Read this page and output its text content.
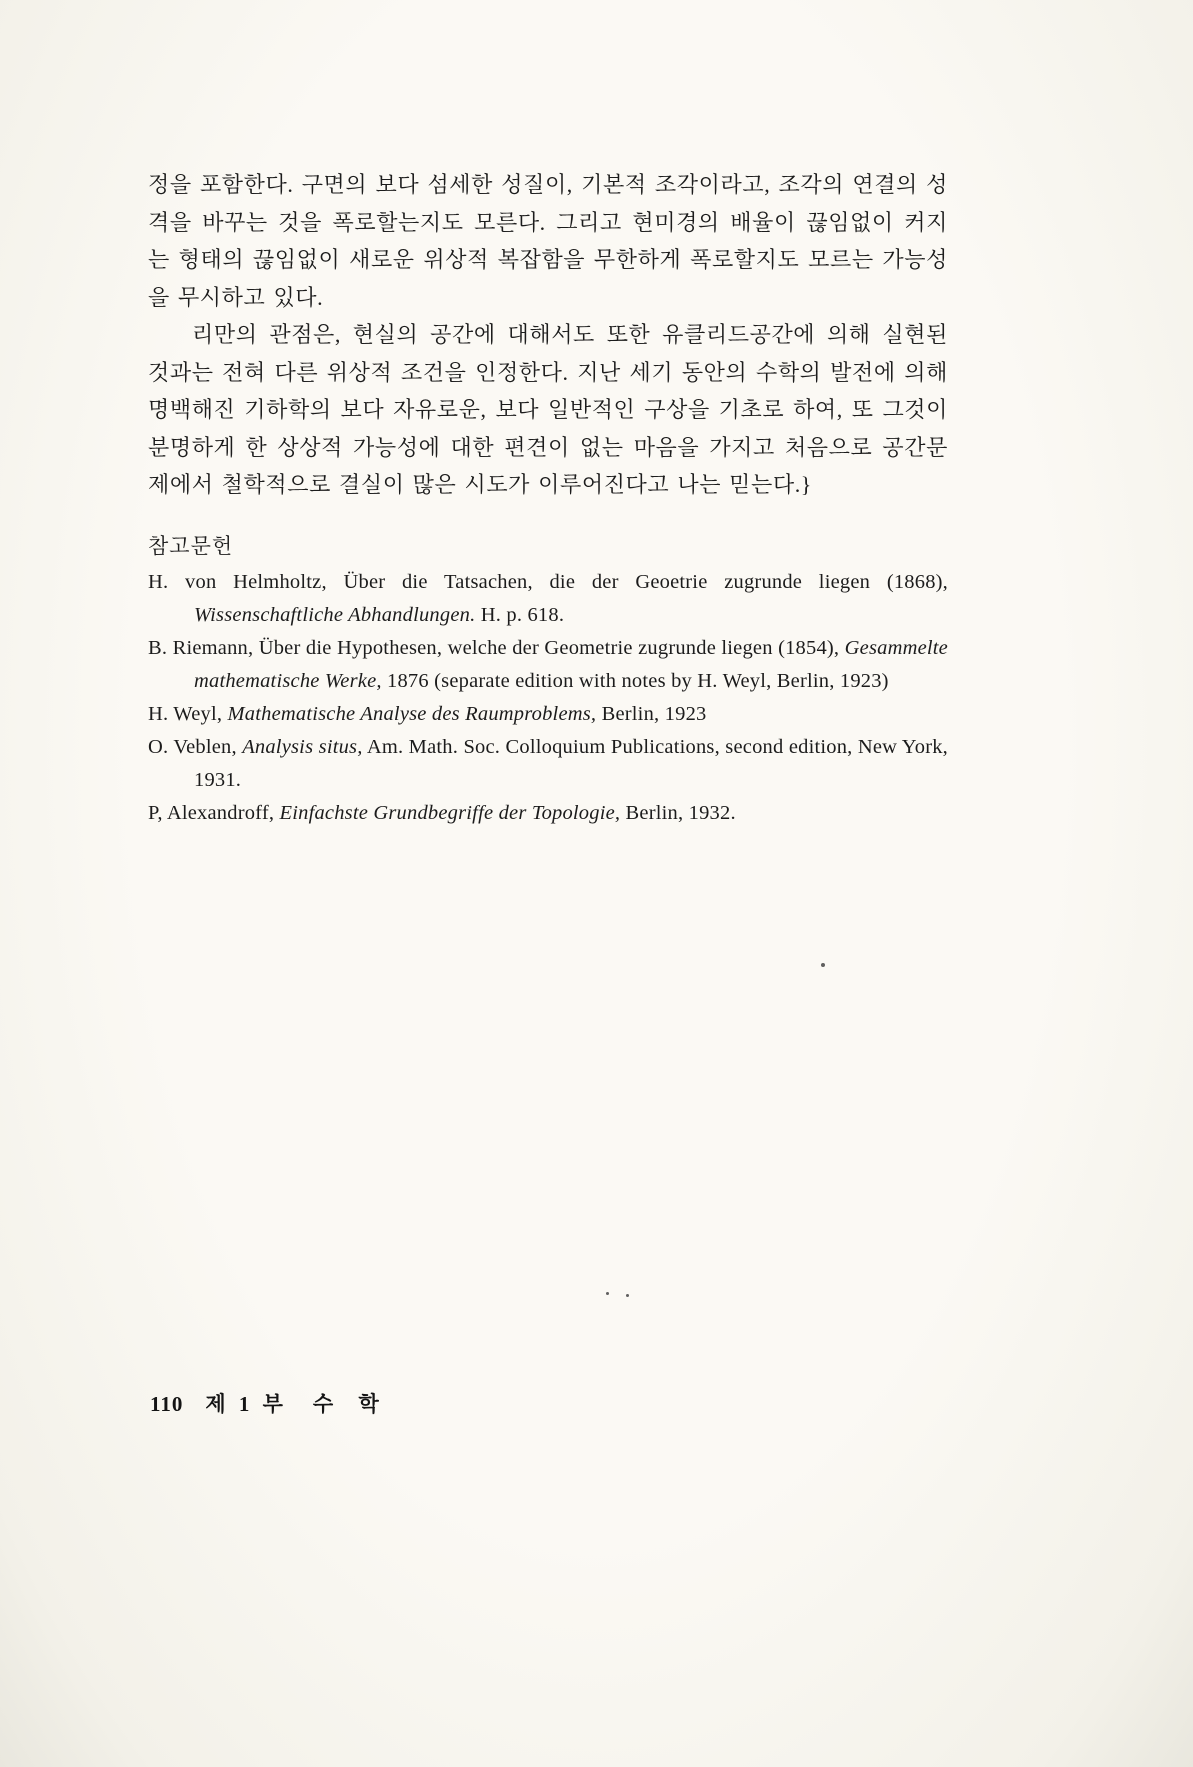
정을 포함한다. 구면의 보다 섬세한 성질이, 기본적 조각이라고, 조각의 연결의 성격을 바꾸는 것을 폭로할는지도 모른다. 그리고 현미경의 배율이 끊임없이 커지는 형태의 끊임없이 새로운 위상적 복잡함을 무한하게 폭로할지도 모르는 가능성을 무시하고 있다.

리만의 관점은, 현실의 공간에 대해서도 또한 유클리드공간에 의해 실현된 것과는 전혀 다른 위상적 조건을 인정한다. 지난 세기 동안의 수학의 발전에 의해 명백해진 기하학의 보다 자유로운, 보다 일반적인 구상을 기초로 하여, 또 그것이 분명하게 한 상상적 가능성에 대한 편견이 없는 마음을 가지고 처음으로 공간문제에서 철학적으로 결실이 많은 시도가 이루어진다고 나는 믿는다.}

참고문헌

H. von Helmholtz, Über die Tatsachen, die der Geoetrie zugrunde liegen (1868), Wissenschaftliche Abhandlungen. H. p. 618.

B. Riemann, Über die Hypothesen, welche der Geometrie zugrunde liegen (1854), Gesammelte mathematische Werke, 1876 (separate edition with notes by H. Weyl, Berlin, 1923)

H. Weyl, Mathematische Analyse des Raumproblems, Berlin, 1923

O. Veblen, Analysis situs, Am. Math. Soc. Colloquium Publications, second edition, New York, 1931.

P, Alexandroff, Einfachste Grundbegriffe der Topologie, Berlin, 1932.

110 제 1 부 수 학
